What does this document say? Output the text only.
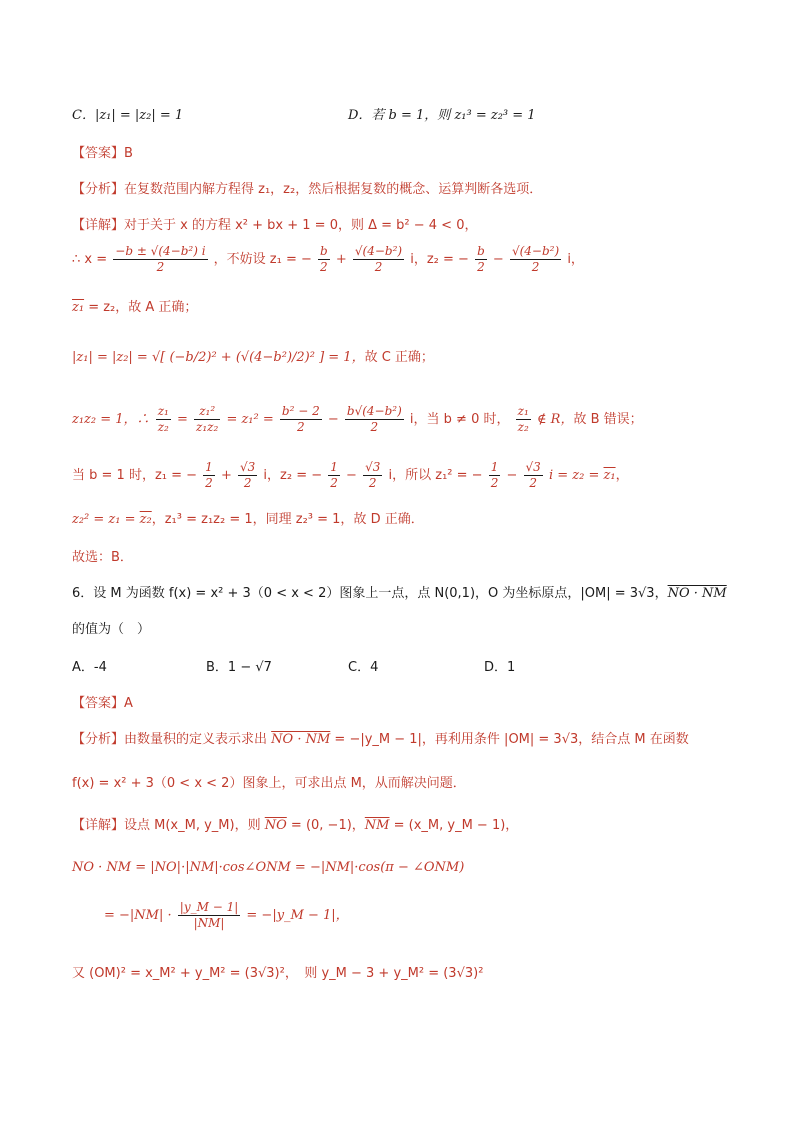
C．|z₁| = |z₂| = 1	D．若 b = 1，则 z₁³ = z₂³ = 1
【答案】B
【分析】在复数范围内解方程得 z₁，z₂，然后根据复数的概念、运算判断各选项．
【详解】对于关于 x 的方程 x² + bx + 1 = 0，则 Δ = b² − 4 < 0，
∴ $x = \frac{\text{−b ± √(4−b²) i}}{2}$ ，不妨设 z₁ = − $\frac{b}{2} + \frac{\text{√(4−b²)}}{2}$ i，z₂ = − $\frac{b}{2} - \frac{\text{√(4−b²)}}{2}$ i，
z₁ = z₂，故 A 正确；
|z₁| = |z₂| = √[ (−b/2)² + (√(4−b²)/2)² ] = 1，故 C 正确；
z₁z₂ = 1，∴ $\frac{\text{z₁}}{\text{z₂}} = \frac{\text{z₁²}}{\text{z₁z₂}} = z_1^2 = \frac{\text{b² − 2}}{2} - \frac{\text{b√(4−b²)}}{2}$ i，当 b ≠ 0 时， $\frac{\text{z₁}}{\text{z₂}}$ ∉ R，故 B 错误；
当 b = 1 时，z₁ = − $\frac{1}{2} + \frac{√3}{2}$ i，z₂ = − $\frac{1}{2} - \frac{√3}{2}$ i，所以 z₁² = − $\frac{1}{2} - \frac{√3}{2}$ i = z₂ = z₁，
z₂² = z₁ = z₂，z₁³ = z₁z₂ = 1，同理 z₂³ = 1，故 D 正确．
故选：B．
6．设 M 为函数 f(x) = x² + 3（0 < x < 2）图象上一点，点 N(0,1)，O 为坐标原点，|OM| = 3√3，NO · NM
的值为（　）
A．-4	B．1 − √7	C．4	D．1
【答案】A
【分析】由数量积的定义表示求出 NO · NM = −|y_M − 1|，再利用条件 |OM| = 3√3，结合点 M 在函数
f(x) = x² + 3（0 < x < 2）图象上，可求出点 M，从而解决问题．
【详解】设点 M(x_M, y_M)，则 $\overline{NO} = (0$, −1)，$\overline{NM}$ = (x_M, y_M − 1)，
NO · NM = |NO|·|NM|·cos∠ONM = −|NM|·cos(π − ∠ONM)
= $-|NM| \cdot \frac{|y\_M - 1|}{|NM|}$ = −|y_M − 1|，
又 (OM)² = x_M² + y_M² = (3√3)²，　则 y_M − 3 + y_M² = (3√3)²
